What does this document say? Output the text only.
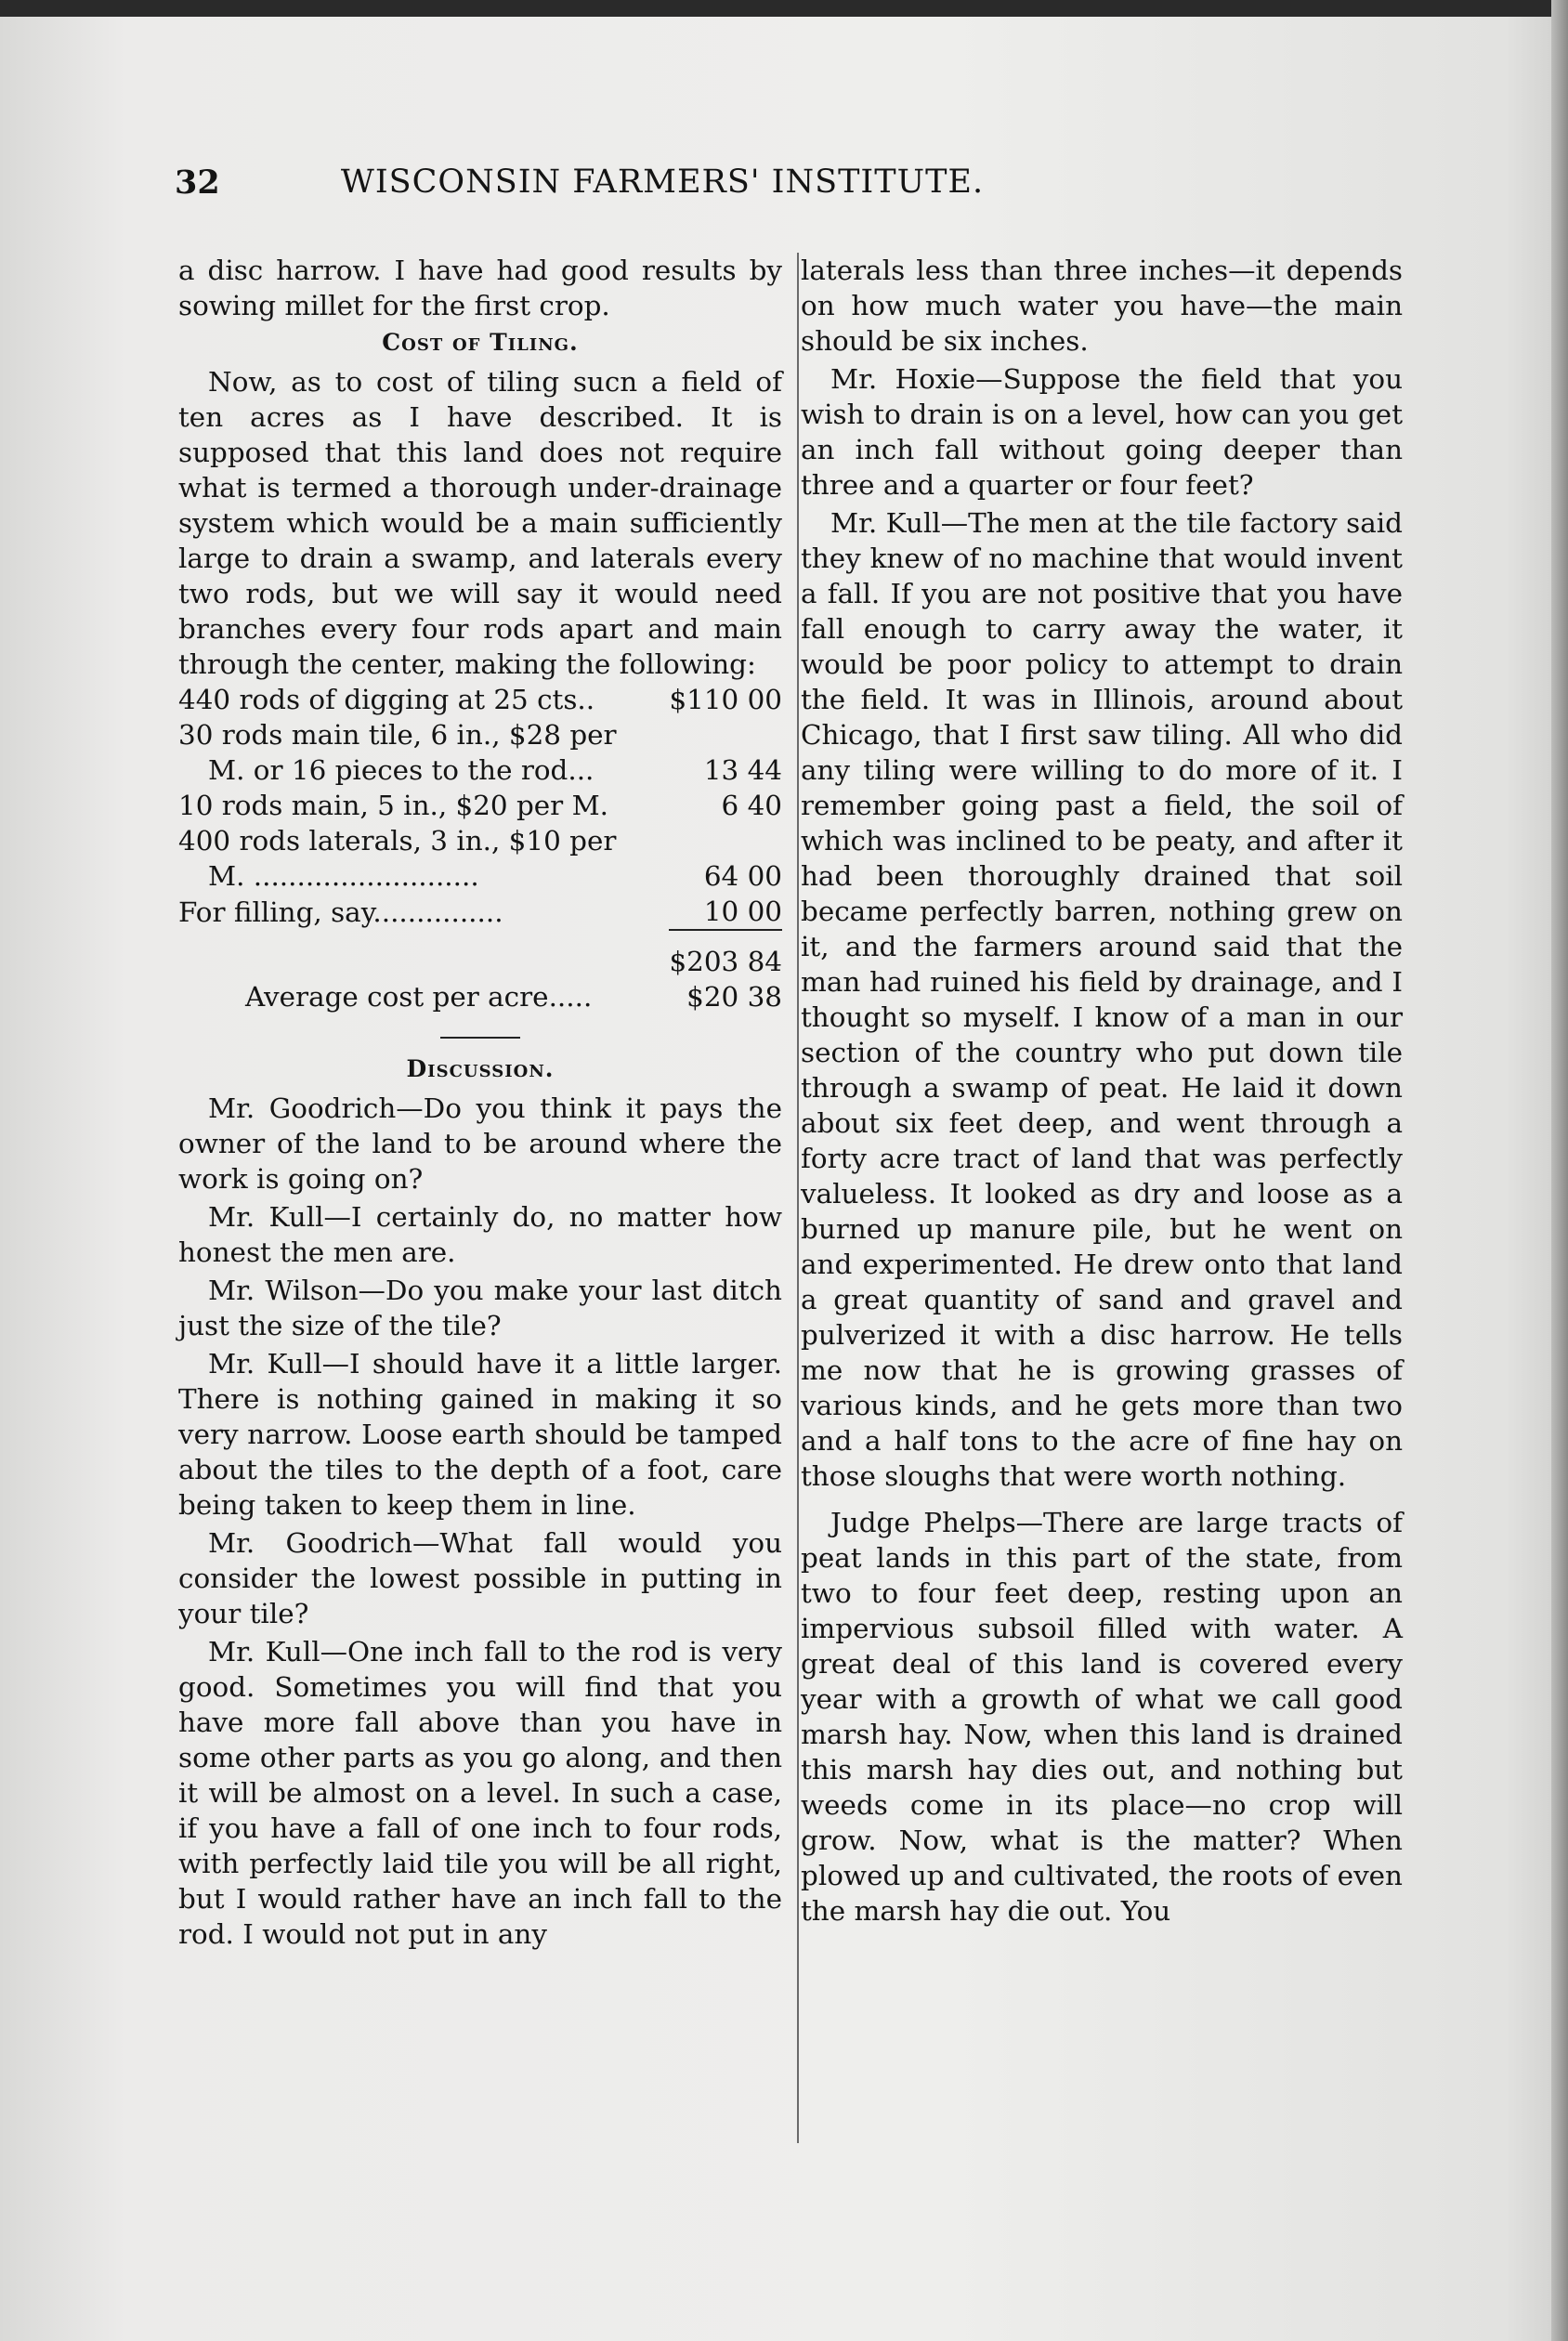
32	WISCONSIN FARMERS' INSTITUTE.

a disc harrow. I have had good results by sowing millet for the first crop.

Cost of Tiling.

Now, as to cost of tiling sucn a field of ten acres as I have described. It is supposed that this land does not require what is termed a thorough under-drainage system which would be a main sufficiently large to drain a swamp, and laterals every two rods, but we will say it would need branches every four rods apart and main through the center, making the following:

440 rods of digging at 25 cts..	$110 00
30 rods main tile, 6 in., $28 per	
M. or 16 pieces to the rod...	13 44
10 rods main, 5 in., $20 per M.	6 40
400 rods laterals, 3 in., $10 per	
M. ..........................	64 00
For filling, say...............	10 00
	$203 84
Average cost per acre.....	$20 38
Discussion.

Mr. Goodrich—Do you think it pays the owner of the land to be around where the work is going on?

Mr. Kull—I certainly do, no matter how honest the men are.

Mr. Wilson—Do you make your last ditch just the size of the tile?

Mr. Kull—I should have it a little larger. There is nothing gained in making it so very narrow. Loose earth should be tamped about the tiles to the depth of a foot, care being taken to keep them in line.

Mr. Goodrich—What fall would you consider the lowest possible in putting in your tile?

Mr. Kull—One inch fall to the rod is very good. Sometimes you will find that you have more fall above than you have in some other parts as you go along, and then it will be almost on a level. In such a case, if you have a fall of one inch to four rods, with perfectly laid tile you will be all right, but I would rather have an inch fall to the rod. I would not put in any

laterals less than three inches—it depends on how much water you have—the main should be six inches.

Mr. Hoxie—Suppose the field that you wish to drain is on a level, how can you get an inch fall without going deeper than three and a quarter or four feet?

Mr. Kull—The men at the tile factory said they knew of no machine that would invent a fall. If you are not positive that you have fall enough to carry away the water, it would be poor policy to attempt to drain the field. It was in Illinois, around about Chicago, that I first saw tiling. All who did any tiling were willing to do more of it. I remember going past a field, the soil of which was inclined to be peaty, and after it had been thoroughly drained that soil became perfectly barren, nothing grew on it, and the farmers around said that the man had ruined his field by drainage, and I thought so myself. I know of a man in our section of the country who put down tile through a swamp of peat. He laid it down about six feet deep, and went through a forty acre tract of land that was perfectly valueless. It looked as dry and loose as a burned up manure pile, but he went on and experimented. He drew onto that land a great quantity of sand and gravel and pulverized it with a disc harrow. He tells me now that he is growing grasses of various kinds, and he gets more than two and a half tons to the acre of fine hay on those sloughs that were worth nothing.

Judge Phelps—There are large tracts of peat lands in this part of the state, from two to four feet deep, resting upon an impervious subsoil filled with water. A great deal of this land is covered every year with a growth of what we call good marsh hay. Now, when this land is drained this marsh hay dies out, and nothing but weeds come in its place—no crop will grow. Now, what is the matter? When plowed up and cultivated, the roots of even the marsh hay die out. You
